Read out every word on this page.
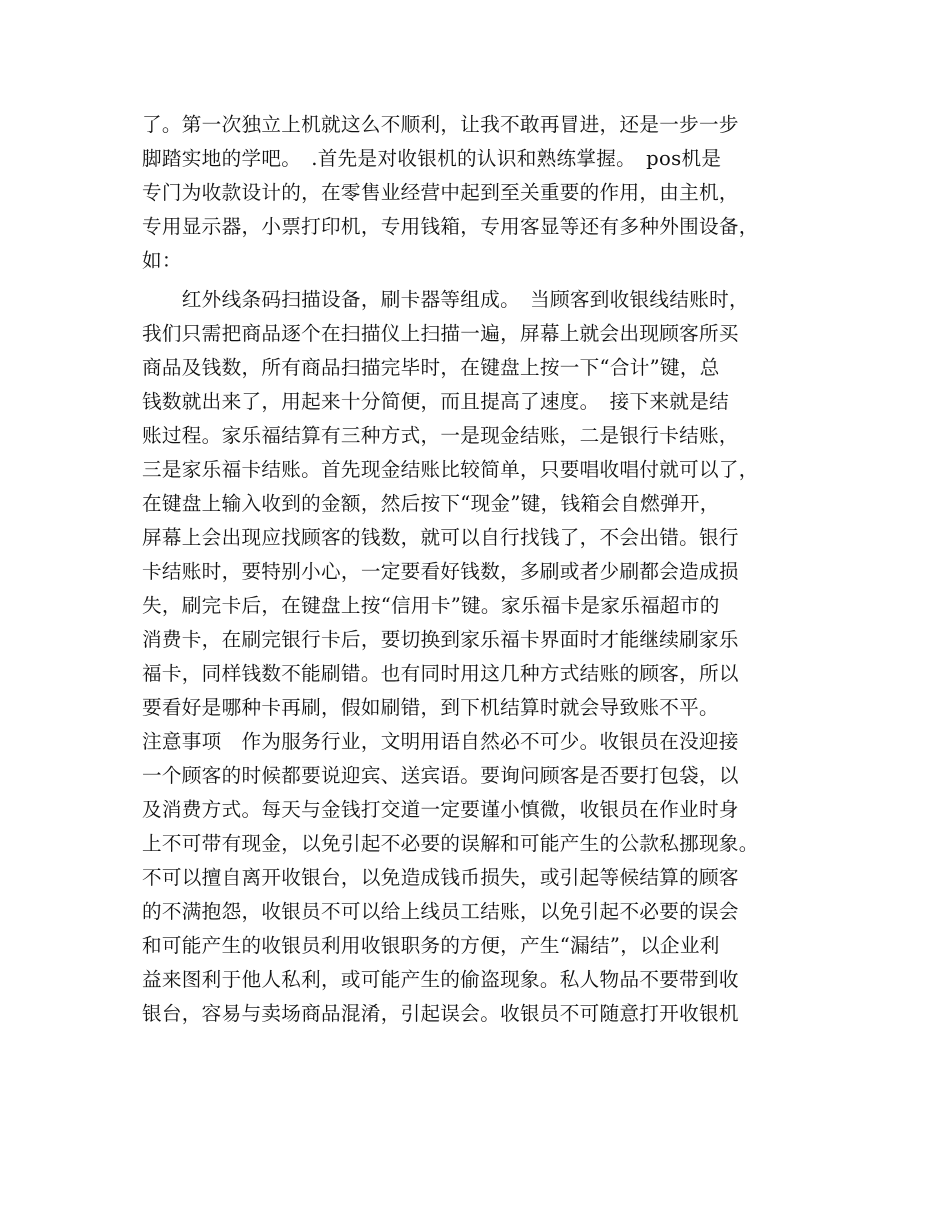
了。第一次独立上机就这么不顺利，让我不敢再冒进，还是一步一步
脚踏实地的学吧。　.首先是对收银机的认识和熟练掌握。　pos机是
专门为收款设计的，在零售业经营中起到至关重要的作用，由主机，
专用显示器，小票打印机，专用钱箱，专用客显等还有多种外围设备，
如：
　　红外线条码扫描设备，刷卡器等组成。　当顾客到收银线结账时，
我们只需把商品逐个在扫描仪上扫描一遍，屏幕上就会出现顾客所买
商品及钱数，所有商品扫描完毕时，在键盘上按一下“合计”键，总
钱数就出来了，用起来十分简便，而且提高了速度。　接下来就是结
账过程。家乐福结算有三种方式，一是现金结账，二是银行卡结账，
三是家乐福卡结账。首先现金结账比较简单，只要唱收唱付就可以了，
在键盘上输入收到的金额，然后按下“现金”键，钱箱会自燃弹开，
屏幕上会出现应找顾客的钱数，就可以自行找钱了，不会出错。银行
卡结账时，要特别小心，一定要看好钱数，多刷或者少刷都会造成损
失，刷完卡后，在键盘上按“信用卡”键。家乐福卡是家乐福超市的
消费卡，在刷完银行卡后，要切换到家乐福卡界面时才能继续刷家乐
福卡，同样钱数不能刷错。也有同时用这几种方式结账的顾客，所以
要看好是哪种卡再刷，假如刷错，到下机结算时就会导致账不平。
注意事项　作为服务行业，文明用语自然必不可少。收银员在没迎接
一个顾客的时候都要说迎宾、送宾语。要询问顾客是否要打包袋，以
及消费方式。每天与金钱打交道一定要谨小慎微，收银员在作业时身
上不可带有现金，以免引起不必要的误解和可能产生的公款私挪现象。
不可以擅自离开收银台，以免造成钱币损失，或引起等候结算的顾客
的不满抱怨，收银员不可以给上线员工结账，以免引起不必要的误会
和可能产生的收银员利用收银职务的方便，产生“漏结”，以企业利
益来图利于他人私利，或可能产生的偷盗现象。私人物品不要带到收
银台，容易与卖场商品混淆，引起误会。收银员不可随意打开收银机
